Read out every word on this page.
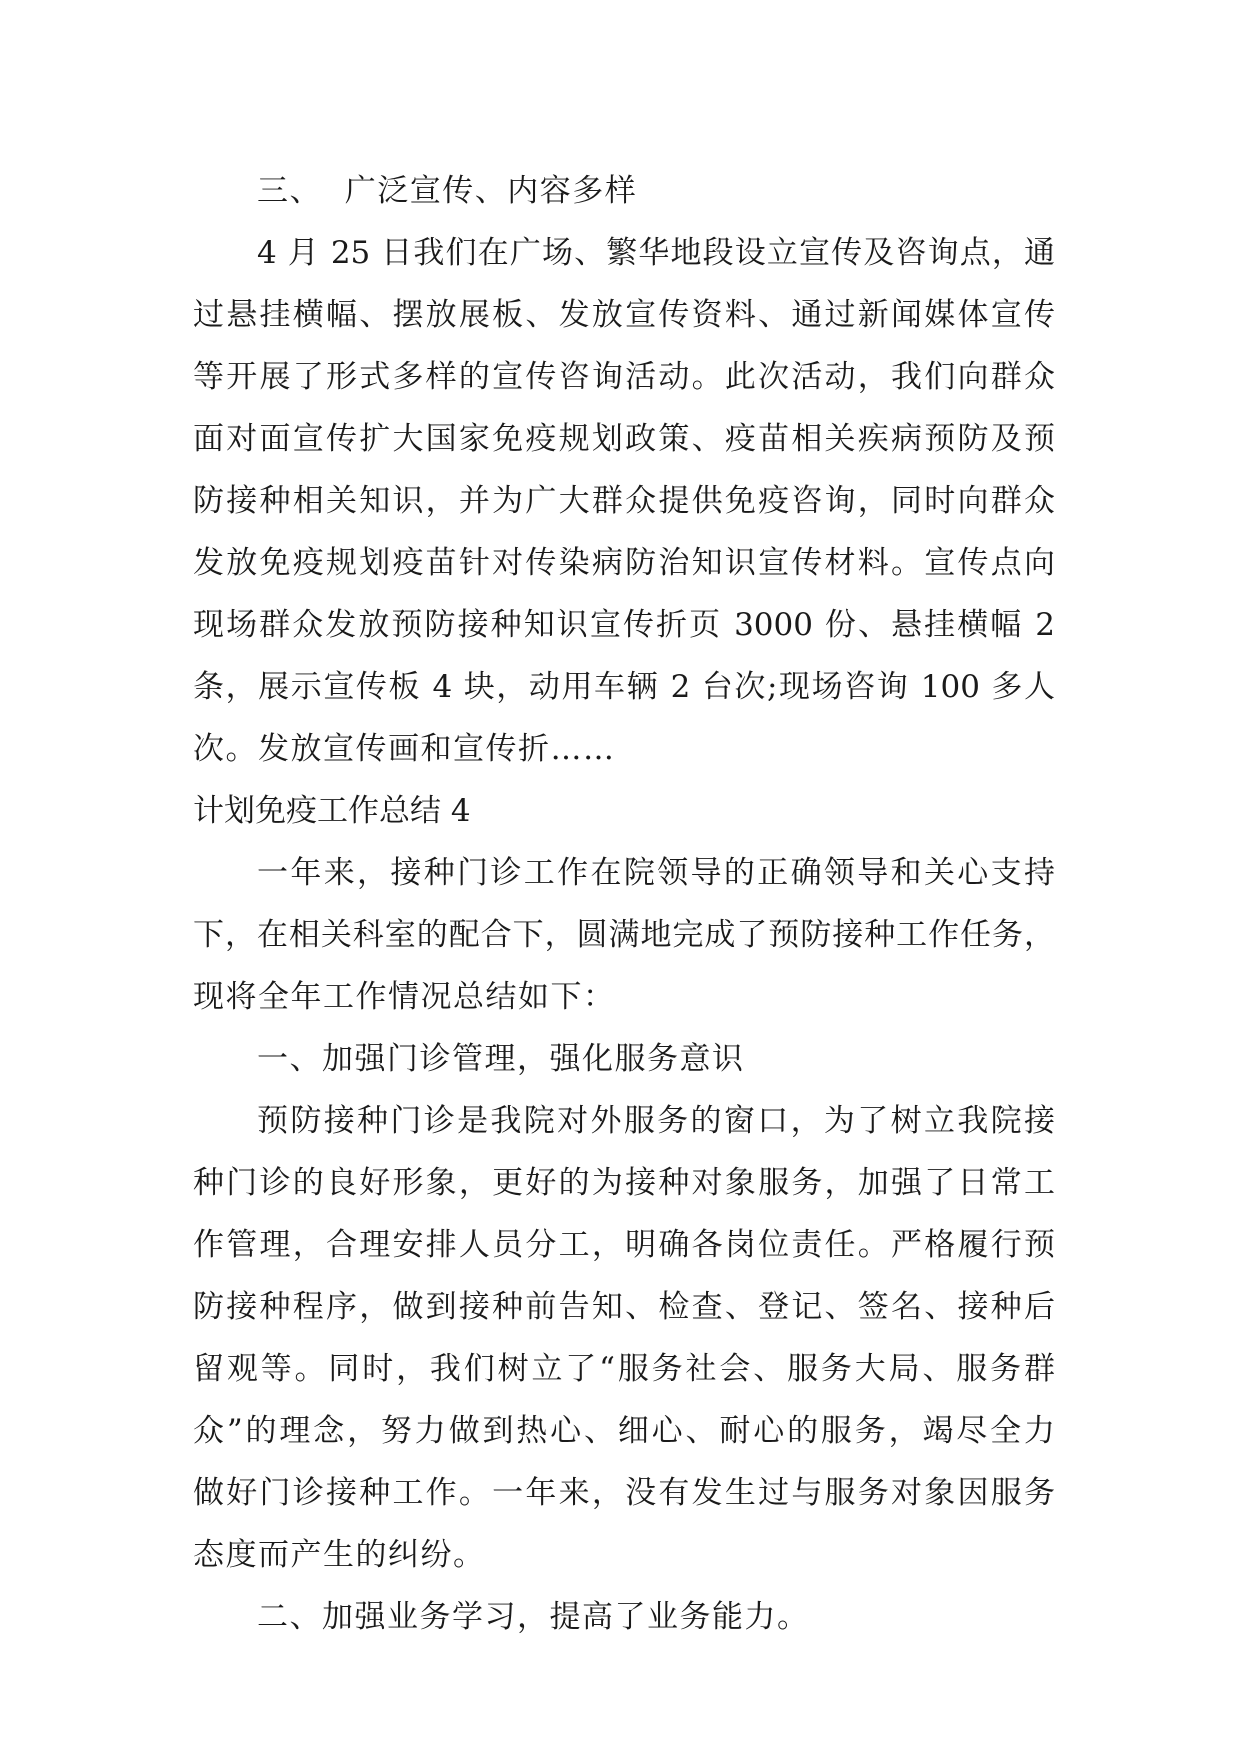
三、  广泛宣传、内容多样
4 月 25 日我们在广场、繁华地段设立宣传及咨询点，通
过悬挂横幅、摆放展板、发放宣传资料、通过新闻媒体宣传
等开展了形式多样的宣传咨询活动。此次活动，我们向群众
面对面宣传扩大国家免疫规划政策、疫苗相关疾病预防及预
防接种相关知识，并为广大群众提供免疫咨询，同时向群众
发放免疫规划疫苗针对传染病防治知识宣传材料。宣传点向
现场群众发放预防接种知识宣传折页 3000 份、悬挂横幅 2
条，展示宣传板 4 块，动用车辆 2 台次;现场咨询 100 多人
次。发放宣传画和宣传折……
计划免疫工作总结 4
一年来，接种门诊工作在院领导的正确领导和关心支持
下，在相关科室的配合下，圆满地完成了预防接种工作任务，
现将全年工作情况总结如下：
一、加强门诊管理，强化服务意识
预防接种门诊是我院对外服务的窗口，为了树立我院接
种门诊的良好形象，更好的为接种对象服务，加强了日常工
作管理，合理安排人员分工，明确各岗位责任。严格履行预
防接种程序，做到接种前告知、检查、登记、签名、接种后
留观等。同时，我们树立了“服务社会、服务大局、服务群
众”的理念，努力做到热心、细心、耐心的服务，竭尽全力
做好门诊接种工作。一年来，没有发生过与服务对象因服务
态度而产生的纠纷。
二、加强业务学习，提高了业务能力。
